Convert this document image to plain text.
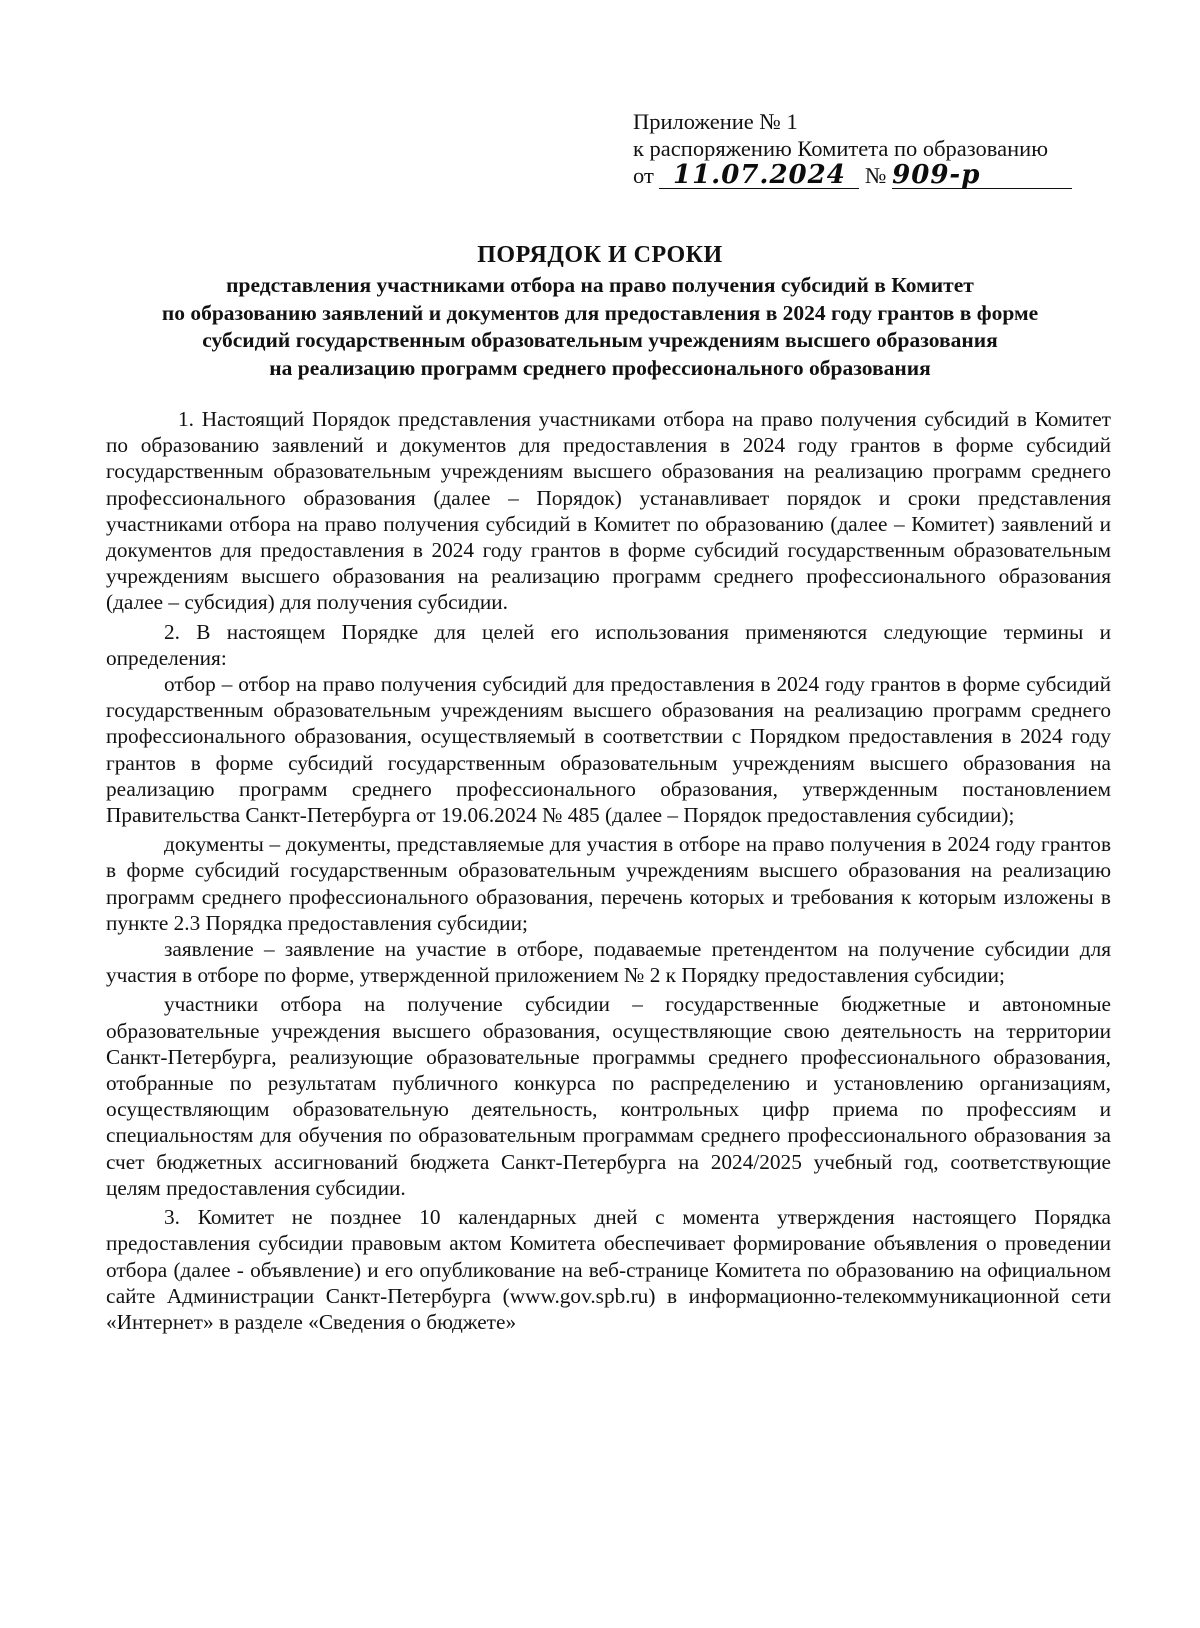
Приложение № 1
к распоряжению Комитета по образованию
от 11.07.2024 № 909-р
ПОРЯДОК И СРОКИ
представления участниками отбора на право получения субсидий в Комитет
по образованию заявлений и документов для предоставления в 2024 году грантов в форме
субсидий государственным образовательным учреждениям высшего образования
на реализацию программ среднего профессионального образования

1. Настоящий Порядок представления участниками отбора на право получения субсидий в Комитет по образованию заявлений и документов для предоставления в 2024 году грантов в форме субсидий государственным образовательным учреждениям высшего образования на реализацию программ среднего профессионального образования (далее – Порядок) устанавливает порядок и сроки представления участниками отбора на право получения субсидий в Комитет по образованию (далее – Комитет) заявлений и документов для предоставления в 2024 году грантов в форме субсидий государственным образовательным учреждениям высшего образования на реализацию программ среднего профессионального образования (далее – субсидия) для получения субсидии.

2. В настоящем Порядке для целей его использования применяются следующие термины и определения:

отбор – отбор на право получения субсидий для предоставления в 2024 году грантов в форме субсидий государственным образовательным учреждениям высшего образования на реализацию программ среднего профессионального образования, осуществляемый в соответствии с Порядком предоставления в 2024 году грантов в форме субсидий государственным образовательным учреждениям высшего образования на реализацию программ среднего профессионального образования, утвержденным постановлением Правительства Санкт-Петербурга от 19.06.2024 № 485 (далее – Порядок предоставления субсидии);

документы – документы, представляемые для участия в отборе на право получения в 2024 году грантов в форме субсидий государственным образовательным учреждениям высшего образования на реализацию программ среднего профессионального образования, перечень которых и требования к которым изложены в пункте 2.3 Порядка предоставления субсидии;

заявление – заявление на участие в отборе, подаваемые претендентом на получение субсидии для участия в отборе по форме, утвержденной приложением № 2 к Порядку предоставления субсидии;

участники отбора на получение субсидии – государственные бюджетные и автономные образовательные учреждения высшего образования, осуществляющие свою деятельность на территории Санкт-Петербурга, реализующие образовательные программы среднего профессионального образования, отобранные по результатам публичного конкурса по распределению и установлению организациям, осуществляющим образовательную деятельность, контрольных цифр приема по профессиям и специальностям для обучения по образовательным программам среднего профессионального образования за счет бюджетных ассигнований бюджета Санкт-Петербурга на 2024/2025 учебный год, соответствующие целям предоставления субсидии.

3. Комитет не позднее 10 календарных дней с момента утверждения настоящего Порядка предоставления субсидии правовым актом Комитета обеспечивает формирование объявления о проведении отбора (далее - объявление) и его опубликование на веб-странице Комитета по образованию на официальном сайте Администрации Санкт-Петербурга (www.gov.spb.ru) в информационно-телекоммуникационной сети «Интернет» в разделе «Сведения о бюджете»
